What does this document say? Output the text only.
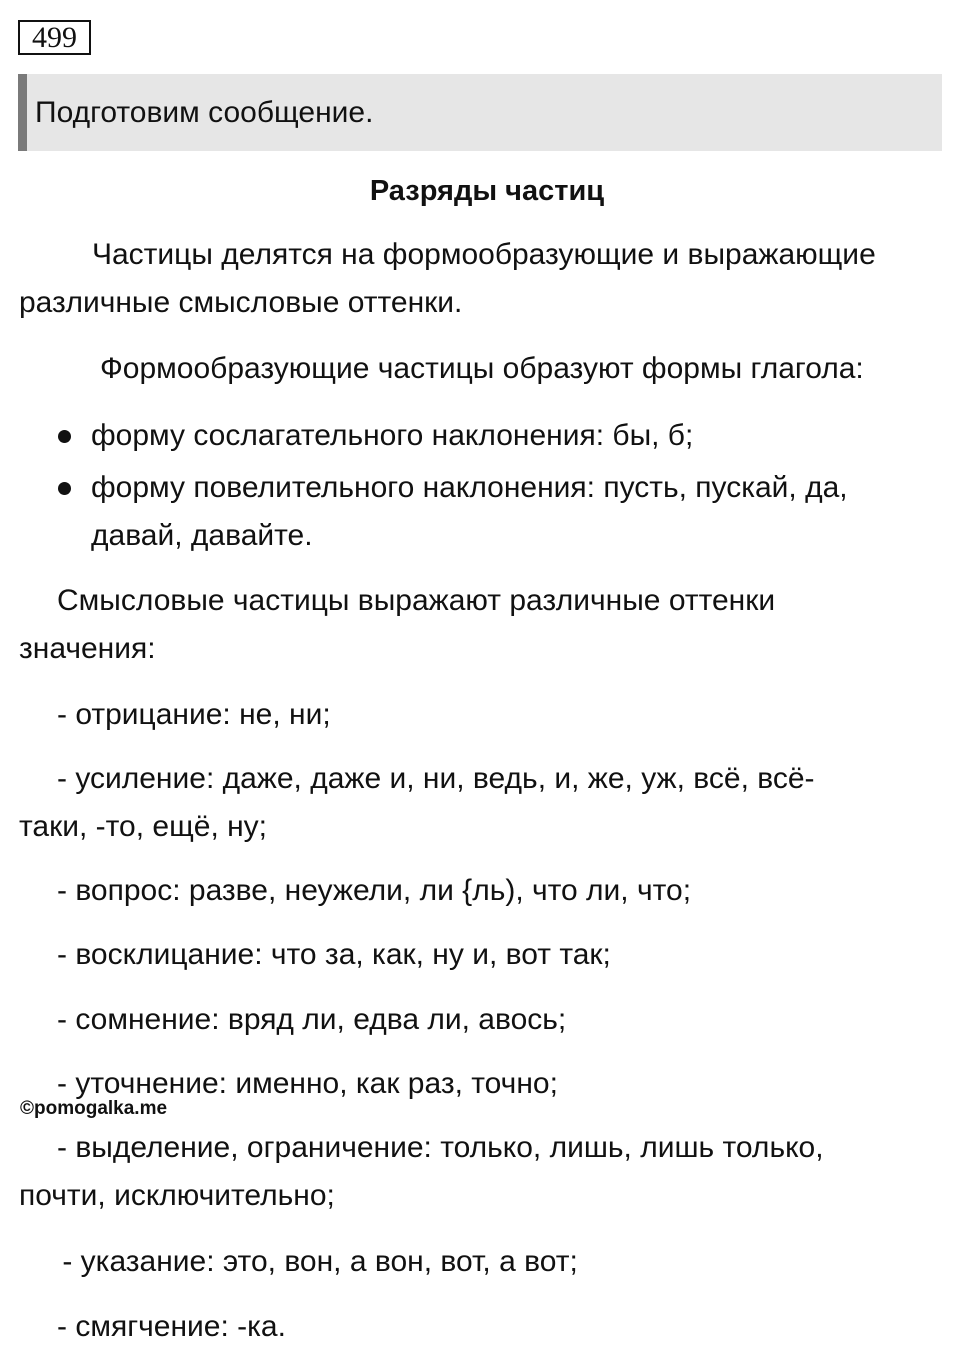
499
Подготовим сообщение.
Разряды частиц
Частицы делятся на формообразующие и выражающие
различные смысловые оттенки.
Формообразующие частицы образуют формы глагола:
форму сослагательного наклонения: бы, б;
форму повелительного наклонения: пусть, пускай, да,
давай, давайте.
Смысловые частицы выражают различные оттенки
значения:
- отрицание: не, ни;
- усиление: даже, даже и, ни, ведь, и, же, уж, всё, всё-
таки, -то, ещё, ну;
- вопрос: разве, неужели, ли {ль), что ли, что;
- восклицание: что за, как, ну и, вот так;
- сомнение: вряд ли, едва ли, авось;
- уточнение: именно, как раз, точно;
©pomogalka.me
- выделение, ограничение: только, лишь, лишь только,
почти, исключительно;
- указание: это, вон, а вон, вот, а вот;
- смягчение: -ка.
